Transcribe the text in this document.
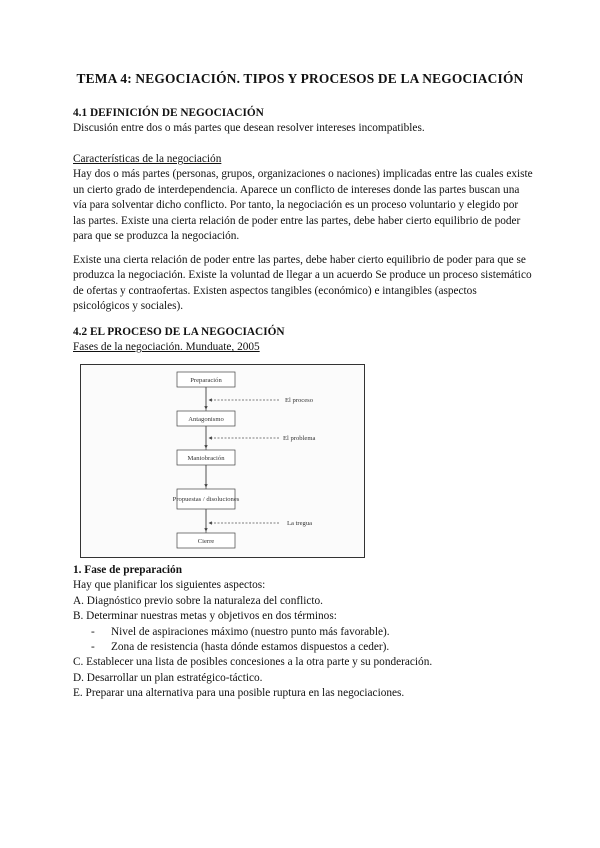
TEMA 4: NEGOCIACIÓN. TIPOS Y PROCESOS DE LA NEGOCIACIÓN

4.1 DEFINICIÓN DE NEGOCIACIÓN

Discusión entre dos o más partes que desean resolver intereses incompatibles.

Características de la negociación

Hay dos o más partes (personas, grupos, organizaciones o naciones) implicadas entre las cuales existe un cierto grado de interdependencia. Aparece un conflicto de intereses donde las partes buscan una vía para solventar dicho conflicto. Por tanto, la negociación es un proceso voluntario y elegido por las partes. Existe una cierta relación de poder entre las partes, debe haber cierto equilibrio de poder para que se produzca la negociación.

Existe una cierta relación de poder entre las partes, debe haber cierto equilibrio de poder para que se produzca la negociación. Existe la voluntad de llegar a un acuerdo Se produce un proceso sistemático de ofertas y contraofertas. Existen aspectos tangibles (económico) e intangibles (aspectos psicológicos y sociales).

4.2 EL PROCESO DE LA NEGOCIACIÓN

Fases de la negociación. Munduate, 2005

Preparación
Antagonismo
Maniobración
Propuestas / disoluciones
Cierre
El proceso
El problema
La tregua

1. Fase de preparación

Hay que planificar los siguientes aspectos:

A. Diagnóstico previo sobre la naturaleza del conflicto.

B. Determinar nuestras metas y objetivos en dos términos:

- Nivel de aspiraciones máximo (nuestro punto más favorable).
- Zona de resistencia (hasta dónde estamos dispuestos a ceder).

C. Establecer una lista de posibles concesiones a la otra parte y su ponderación.

D. Desarrollar un plan estratégico-táctico.

E. Preparar una alternativa para una posible ruptura en las negociaciones.
